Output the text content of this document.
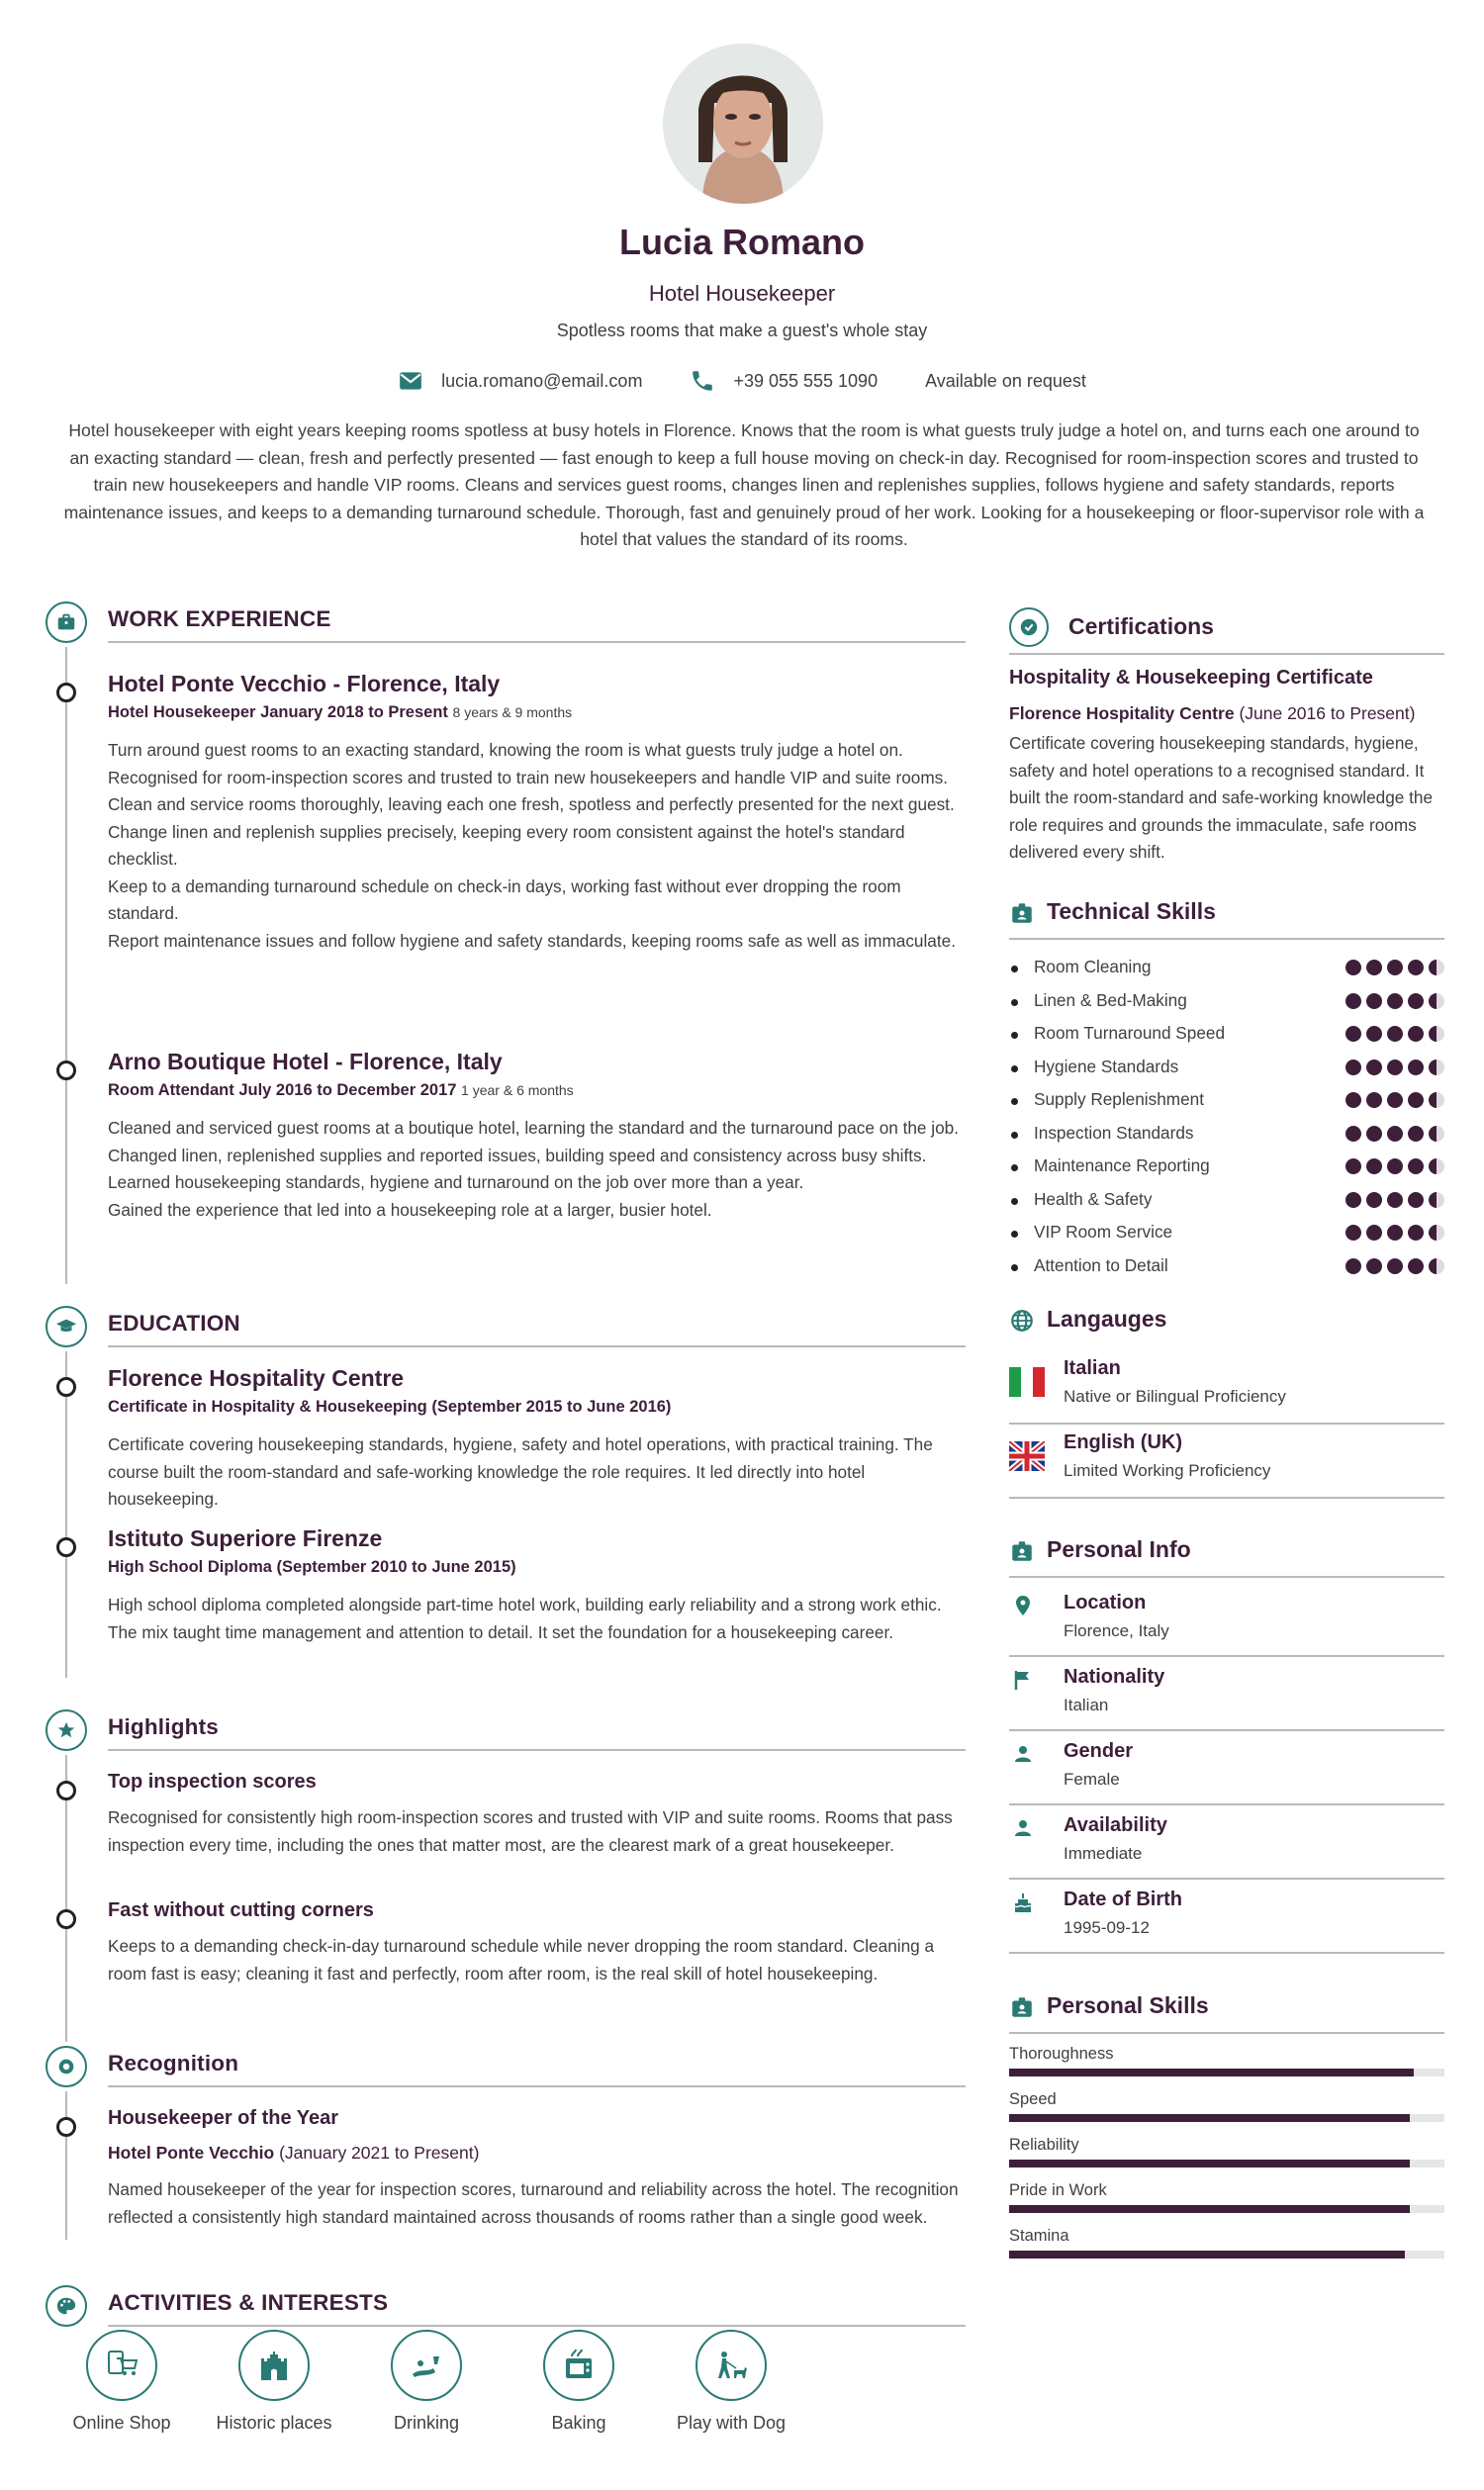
Lucia Romano
Hotel Housekeeper
Spotless rooms that make a guest's whole stay
lucia.romano@email.com	+39 055 555 1090	Available on request
Hotel housekeeper with eight years keeping rooms spotless at busy hotels in Florence. Knows that the room is what guests truly judge a hotel on, and turns each one around to an exacting standard — clean, fresh and perfectly presented — fast enough to keep a full house moving on check-in day. Recognised for room-inspection scores and trusted to train new housekeepers and handle VIP rooms. Cleans and services guest rooms, changes linen and replenishes supplies, follows hygiene and safety standards, reports maintenance issues, and keeps to a demanding turnaround schedule. Thorough, fast and genuinely proud of her work. Looking for a housekeeping or floor-supervisor role with a hotel that values the standard of its rooms.
WORK EXPERIENCE
Hotel Ponte Vecchio - Florence, Italy
Hotel Housekeeper January 2018 to Present 8 years & 9 months
Turn around guest rooms to an exacting standard, knowing the room is what guests truly judge a hotel on. Recognised for room-inspection scores and trusted to train new housekeepers and handle VIP and suite rooms.
Clean and service rooms thoroughly, leaving each one fresh, spotless and perfectly presented for the next guest.
Change linen and replenish supplies precisely, keeping every room consistent against the hotel's standard checklist.
Keep to a demanding turnaround schedule on check-in days, working fast without ever dropping the room standard.
Report maintenance issues and follow hygiene and safety standards, keeping rooms safe as well as immaculate.
Arno Boutique Hotel - Florence, Italy
Room Attendant July 2016 to December 2017 1 year & 6 months
Cleaned and serviced guest rooms at a boutique hotel, learning the standard and the turnaround pace on the job.
Changed linen, replenished supplies and reported issues, building speed and consistency across busy shifts.
Learned housekeeping standards, hygiene and turnaround on the job over more than a year.
Gained the experience that led into a housekeeping role at a larger, busier hotel.
EDUCATION
Florence Hospitality Centre
Certificate in Hospitality & Housekeeping (September 2015 to June 2016)
Certificate covering housekeeping standards, hygiene, safety and hotel operations, with practical training. The course built the room-standard and safe-working knowledge the role requires. It led directly into hotel housekeeping.
Istituto Superiore Firenze
High School Diploma (September 2010 to June 2015)
High school diploma completed alongside part-time hotel work, building early reliability and a strong work ethic. The mix taught time management and attention to detail. It set the foundation for a housekeeping career.
Highlights
Top inspection scores
Recognised for consistently high room-inspection scores and trusted with VIP and suite rooms. Rooms that pass inspection every time, including the ones that matter most, are the clearest mark of a great housekeeper.
Fast without cutting corners
Keeps to a demanding check-in-day turnaround schedule while never dropping the room standard. Cleaning a room fast is easy; cleaning it fast and perfectly, room after room, is the real skill of hotel housekeeping.
Recognition
Housekeeper of the Year
Hotel Ponte Vecchio (January 2021 to Present)
Named housekeeper of the year for inspection scores, turnaround and reliability across the hotel. The recognition reflected a consistently high standard maintained across thousands of rooms rather than a single good week.
ACTIVITIES & INTERESTS
Online Shop	Historic places	Drinking	Baking	Play with Dog
Certifications
Hospitality & Housekeeping Certificate
Florence Hospitality Centre (June 2016 to Present)
Certificate covering housekeeping standards, hygiene, safety and hotel operations to a recognised standard. It built the room-standard and safe-working knowledge the role requires and grounds the immaculate, safe rooms delivered every shift.
Technical Skills
Room Cleaning
Linen & Bed-Making
Room Turnaround Speed
Hygiene Standards
Supply Replenishment
Inspection Standards
Maintenance Reporting
Health & Safety
VIP Room Service
Attention to Detail
Langauges
Italian
Native or Bilingual Proficiency
English (UK)
Limited Working Proficiency
Personal Info
Location
Florence, Italy
Nationality
Italian
Gender
Female
Availability
Immediate
Date of Birth
1995-09-12
Personal Skills
Thoroughness
Speed
Reliability
Pride in Work
Stamina
